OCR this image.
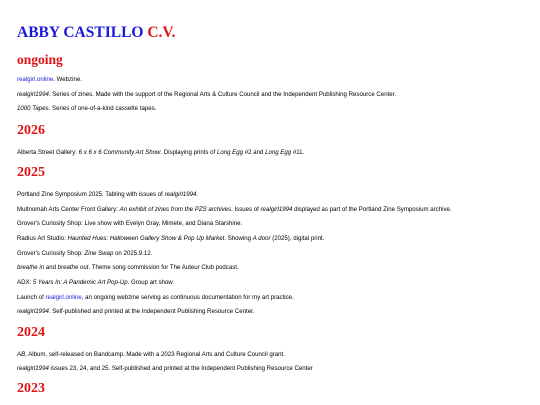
ABBY CASTILLO C.V.
ongoing

realgirl.online. Webzine.

realgirl1994. Series of zines. Made with the support of the Regional Arts & Culture Council and the Independent Publishing Resource Center.

1000 Tapes. Series of one-of-a-kind cassette tapes.

2026

Alberta Street Gallery: 6 x 6 x 6 Community Art Show. Displaying prints of Long Egg #2 and Long Egg #11.

2025

Portland Zine Symposium 2025. Tabling with issues of realgirl1994.

Multnomah Arts Center Front Gallery: An exhibit of zines from the PZS archives. Issues of realgirl1994 displayed as part of the Portland Zine Symposium archive.

Grover's Curiosity Shop: Live show with Evelyn Gray, Mimete, and Diana Starshine.

Radius Art Studio: Haunted Hues: Halloween Gallery Show & Pop Up Market. Showing A door (2025), digital print.

Grover's Curiosity Shop: Zine Swap on 2025.9.12.

breathe in and breathe out. Theme song commission for The Auteur Club podcast.

ADX: 5 Years In: A Pandemic Art Pop-Up. Group art show.

Launch of realgirl.online, an ongoing webzine serving as continuous documentation for my art practice.

realgirl1994. Self-published and printed at the Independent Publishing Resource Center.

2024

AB, Album, self-released on Bandcamp. Made with a 2023 Regional Arts and Culture Council grant.

realgirl1994 issues 23, 24, and 25. Self-published and printed at the Independent Publishing Resource Center

2023
